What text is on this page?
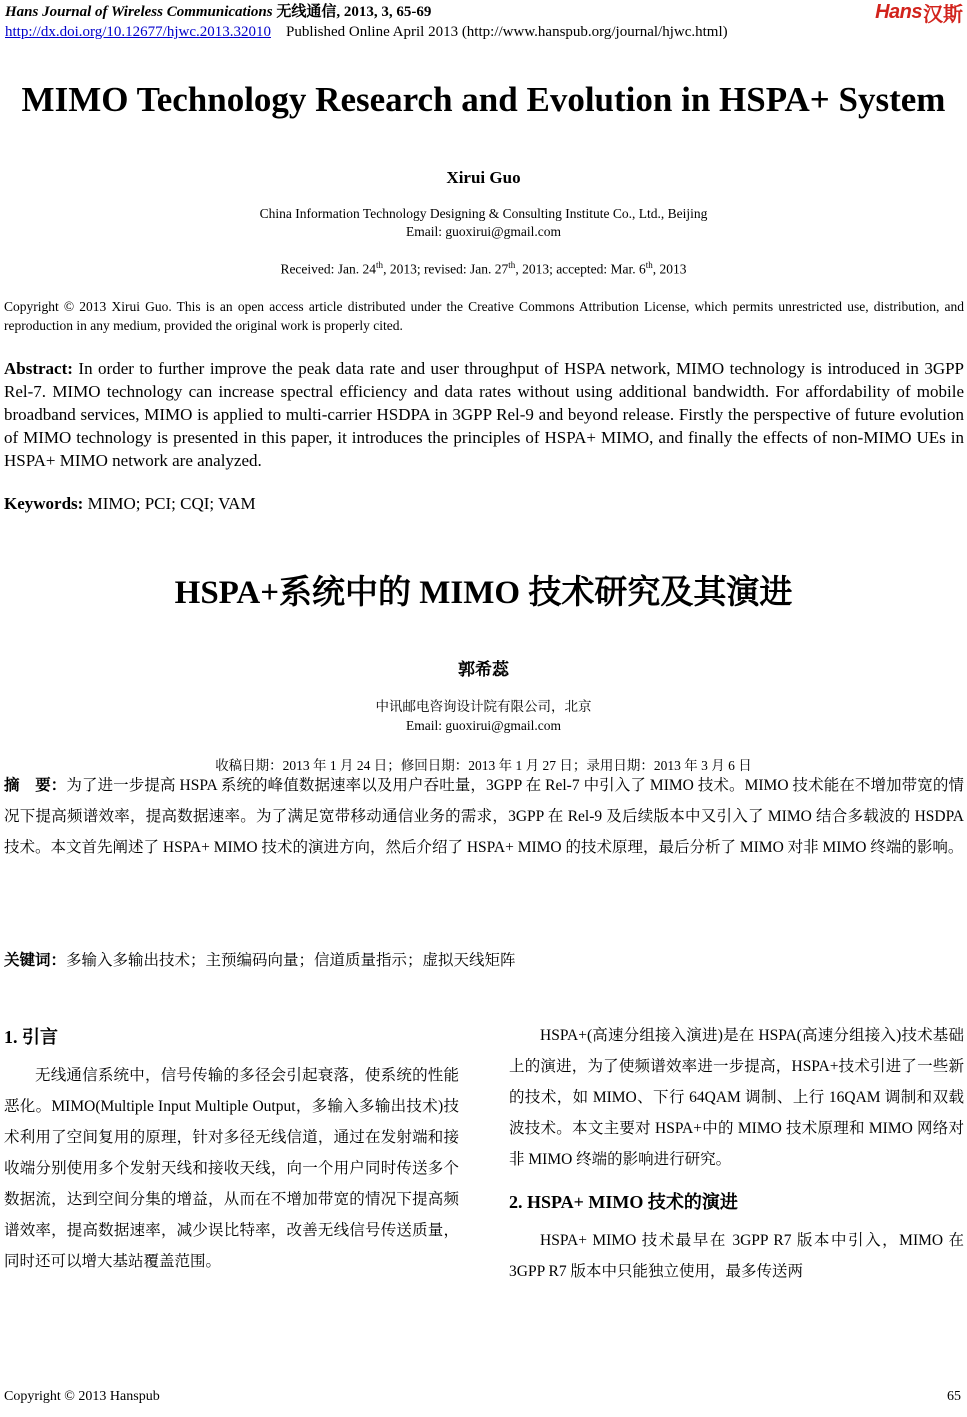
Hans Journal of Wireless Communications 无线通信, 2013, 3, 65-69
http://dx.doi.org/10.12677/hjwc.2013.32010 Published Online April 2013 (http://www.hanspub.org/journal/hjwc.html)
Hans 汉斯
MIMO Technology Research and Evolution in HSPA+ System
Xirui Guo
China Information Technology Designing & Consulting Institute Co., Ltd., Beijing
Email: guoxirui@gmail.com
Received: Jan. 24th, 2013; revised: Jan. 27th, 2013; accepted: Mar. 6th, 2013
Copyright © 2013 Xirui Guo. This is an open access article distributed under the Creative Commons Attribution License, which permits unrestricted use, distribution, and reproduction in any medium, provided the original work is properly cited.
Abstract: In order to further improve the peak data rate and user throughput of HSPA network, MIMO technology is introduced in 3GPP Rel-7. MIMO technology can increase spectral efficiency and data rates without using additional bandwidth. For affordability of mobile broadband services, MIMO is applied to multi-carrier HSDPA in 3GPP Rel-9 and beyond release. Firstly the perspective of future evolution of MIMO technology is presented in this paper, it introduces the principles of HSPA+ MIMO, and finally the effects of non-MIMO UEs in HSPA+ MIMO network are analyzed.
Keywords: MIMO; PCI; CQI; VAM
HSPA+系统中的 MIMO 技术研究及其演进
郭希蕊
中讯邮电咨询设计院有限公司，北京
Email: guoxirui@gmail.com
收稿日期：2013 年 1 月 24 日；修回日期：2013 年 1 月 27 日；录用日期：2013 年 3 月 6 日
摘　要：为了进一步提高 HSPA 系统的峰值数据速率以及用户吞吐量，3GPP 在 Rel-7 中引入了 MIMO 技术。MIMO 技术能在不增加带宽的情况下提高频谱效率，提高数据速率。为了满足宽带移动通信业务的需求，3GPP 在 Rel-9 及后续版本中又引入了 MIMO 结合多载波的 HSDPA 技术。本文首先阐述了 HSPA+ MIMO 技术的演进方向，然后介绍了 HSPA+ MIMO 的技术原理，最后分析了 MIMO 对非 MIMO 终端的影响。
关键词：多输入多输出技术；主预编码向量；信道质量指示；虚拟天线矩阵
1. 引言

无线通信系统中，信号传输的多径会引起衰落，使系统的性能恶化。MIMO(Multiple Input Multiple Output，多输入多输出技术)技术利用了空间复用的原理，针对多径无线信道，通过在发射端和接收端分别使用多个发射天线和接收天线，向一个用户同时传送多个数据流，达到空间分集的增益，从而在不增加带宽的情况下提高频谱效率，提高数据速率，减少误比特率，改善无线信号传送质量，同时还可以增大基站覆盖范围。

HSPA+(高速分组接入演进)是在 HSPA(高速分组接入)技术基础上的演进，为了使频谱效率进一步提高，HSPA+技术引进了一些新的技术，如 MIMO、下行 64QAM 调制、上行 16QAM 调制和双载波技术。本文主要对 HSPA+中的 MIMO 技术原理和 MIMO 网络对非 MIMO 终端的影响进行研究。

2. HSPA+ MIMO 技术的演进

HSPA+ MIMO 技术最早在 3GPP R7 版本中引入，MIMO 在 3GPP R7 版本中只能独立使用，最多传送两

Copyright © 2013 Hanspub	65
